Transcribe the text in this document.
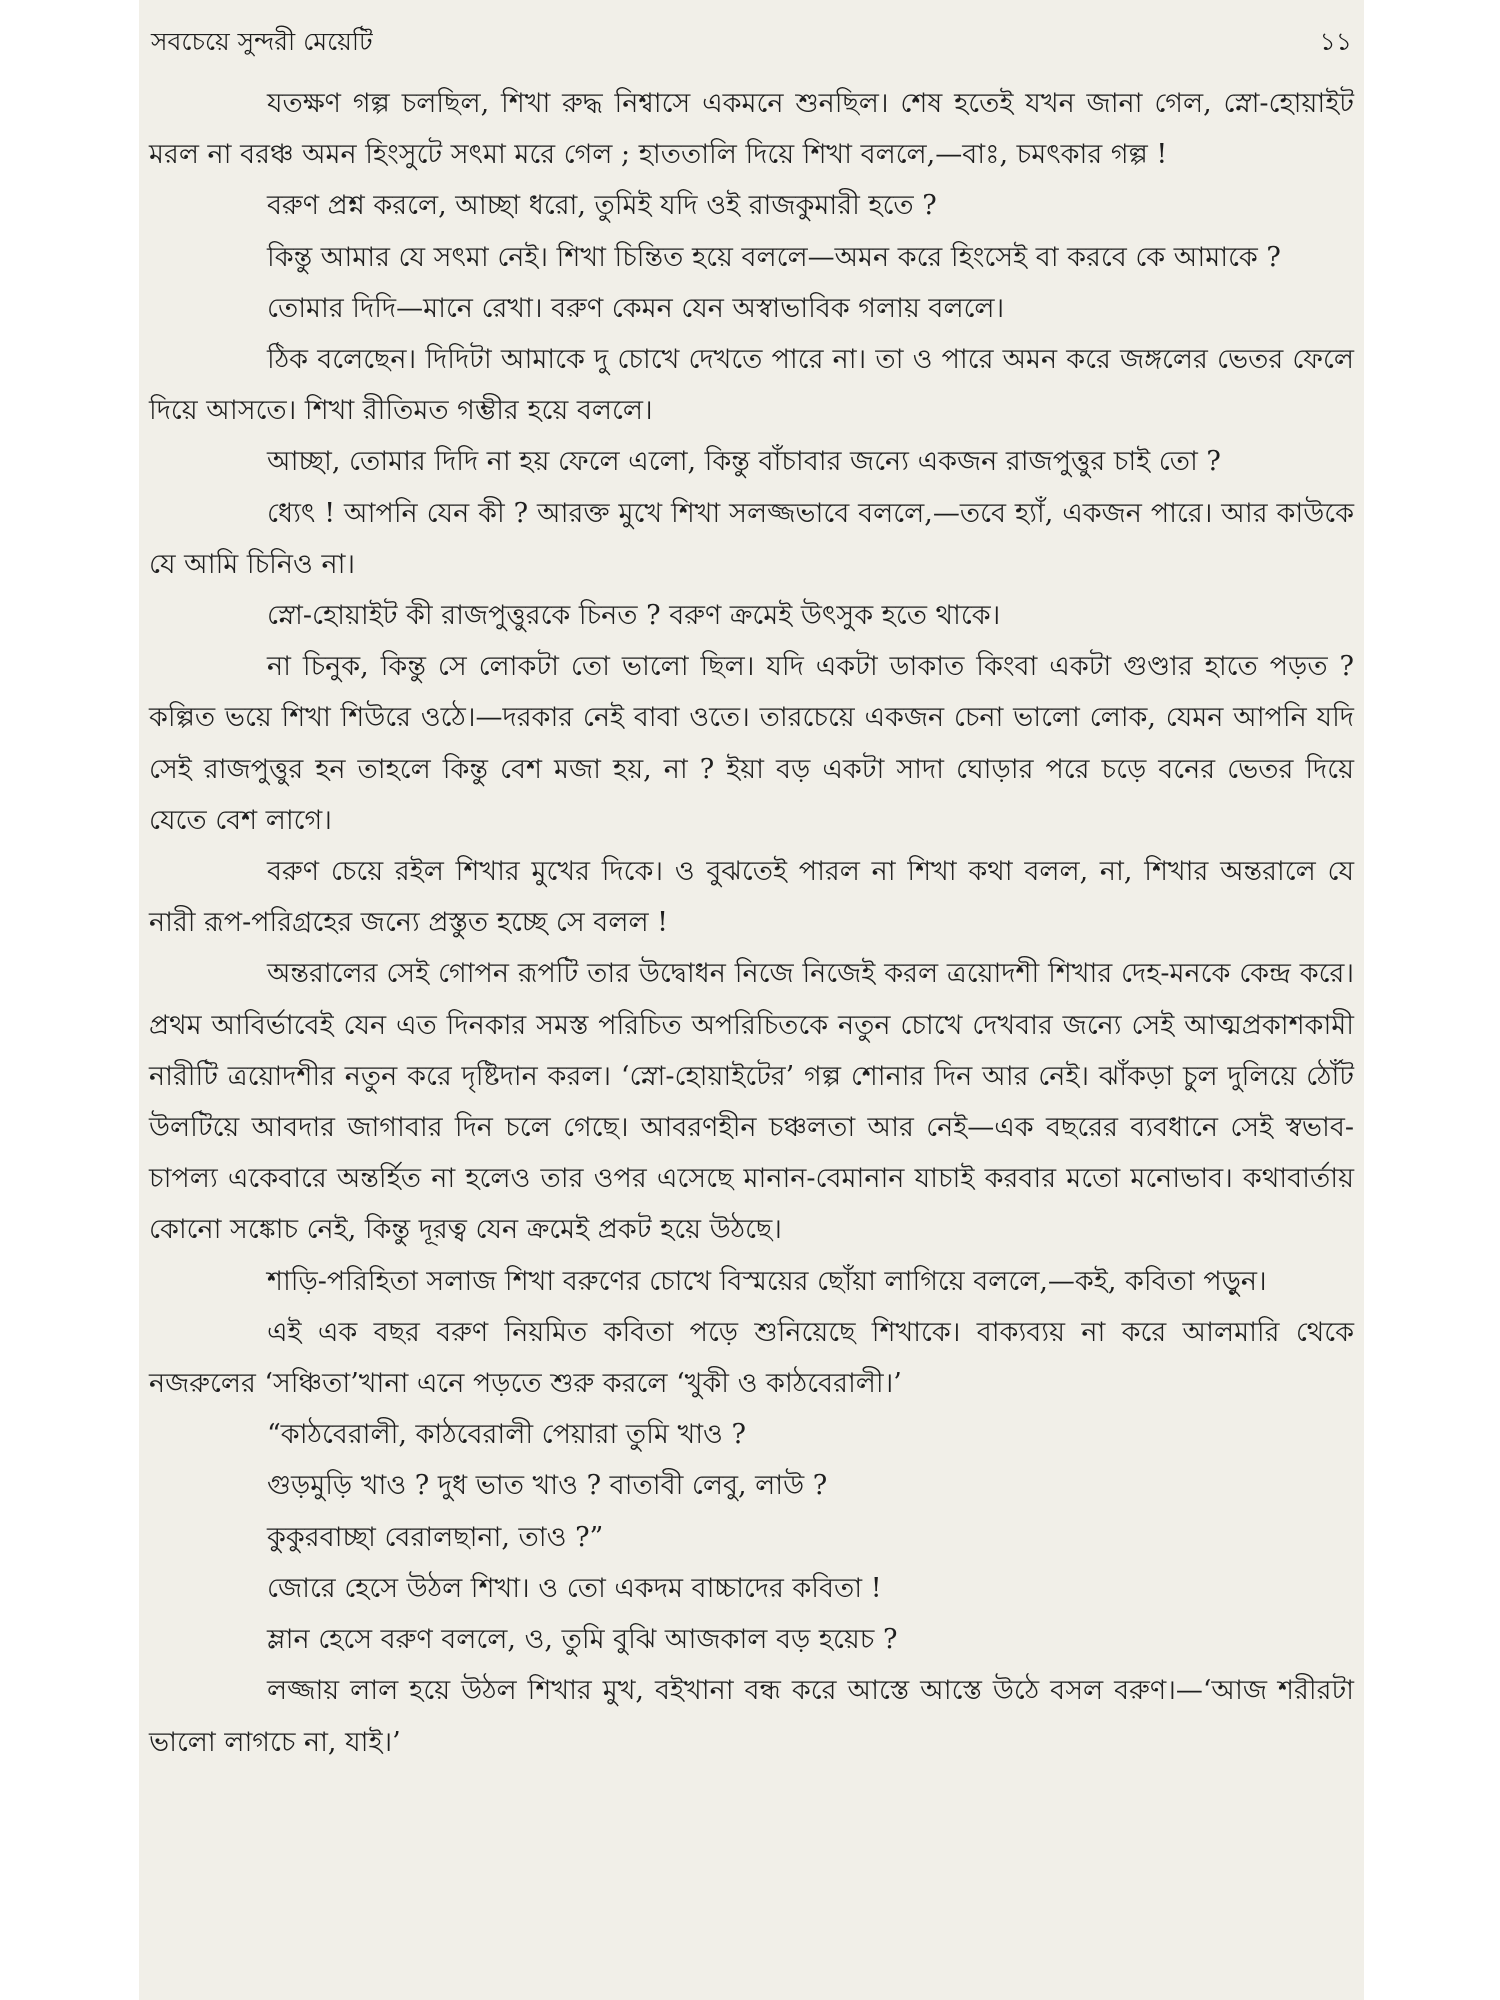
সবচেয়ে সুন্দরী মেয়েটি	১১

যতক্ষণ গল্প চলছিল, শিখা রুদ্ধ নিশ্বাসে একমনে শুনছিল। শেষ হতেই যখন জানা গেল, স্নো-হোয়াইট মরল না বরঞ্চ অমন হিংসুটে সৎমা মরে গেল ; হাততালি দিয়ে শিখা বললে,—বাঃ, চমৎকার গল্প !

বরুণ প্রশ্ন করলে, আচ্ছা ধরো, তুমিই যদি ওই রাজকুমারী হতে ?

কিন্তু আমার যে সৎমা নেই। শিখা চিন্তিত হয়ে বললে—অমন করে হিংসেই বা করবে কে আমাকে ?

তোমার দিদি—মানে রেখা। বরুণ কেমন যেন অস্বাভাবিক গলায় বললে।

ঠিক বলেছেন। দিদিটা আমাকে দু চোখে দেখতে পারে না। তা ও পারে অমন করে জঙ্গলের ভেতর ফেলে দিয়ে আসতে। শিখা রীতিমত গম্ভীর হয়ে বললে।

আচ্ছা, তোমার দিদি না হয় ফেলে এলো, কিন্তু বাঁচাবার জন্যে একজন রাজপুত্তুর চাই তো ?

ধ্যেৎ ! আপনি যেন কী ? আরক্ত মুখে শিখা সলজ্জভাবে বললে,—তবে হ্যাঁ, একজন পারে। আর কাউকে যে আমি চিনিও না।

স্নো-হোয়াইট কী রাজপুত্তুরকে চিনত ? বরুণ ক্রমেই উৎসুক হতে থাকে।

না চিনুক, কিন্তু সে লোকটা তো ভালো ছিল। যদি একটা ডাকাত কিংবা একটা গুণ্ডার হাতে পড়ত ? কল্পিত ভয়ে শিখা শিউরে ওঠে।—দরকার নেই বাবা ওতে। তারচেয়ে একজন চেনা ভালো লোক, যেমন আপনি যদি সেই রাজপুত্তুর হন তাহলে কিন্তু বেশ মজা হয়, না ? ইয়া বড় একটা সাদা ঘোড়ার পরে চড়ে বনের ভেতর দিয়ে যেতে বেশ লাগে।

বরুণ চেয়ে রইল শিখার মুখের দিকে। ও বুঝতেই পারল না শিখা কথা বলল, না, শিখার অন্তরালে যে নারী রূপ-পরিগ্রহের জন্যে প্রস্তুত হচ্ছে সে বলল !

অন্তরালের সেই গোপন রূপটি তার উদ্বোধন নিজে নিজেই করল ত্রয়োদশী শিখার দেহ-মনকে কেন্দ্র করে। প্রথম আবির্ভাবেই যেন এত দিনকার সমস্ত পরিচিত অপরিচিতকে নতুন চোখে দেখবার জন্যে সেই আত্মপ্রকাশকামী নারীটি ত্রয়োদশীর নতুন করে দৃষ্টিদান করল। ‘স্নো-হোয়াইটের’ গল্প শোনার দিন আর নেই। ঝাঁকড়া চুল দুলিয়ে ঠোঁট উলটিয়ে আবদার জাগাবার দিন চলে গেছে। আবরণহীন চঞ্চলতা আর নেই—এক বছরের ব্যবধানে সেই স্বভাব-চাপল্য একেবারে অন্তর্হিত না হলেও তার ওপর এসেছে মানান-বেমানান যাচাই করবার মতো মনোভাব। কথাবার্তায় কোনো সঙ্কোচ নেই, কিন্তু দূরত্ব যেন ক্রমেই প্রকট হয়ে উঠছে।

শাড়ি-পরিহিতা সলাজ শিখা বরুণের চোখে বিস্ময়ের ছোঁয়া লাগিয়ে বললে,—কই, কবিতা পড়ুন।

এই এক বছর বরুণ নিয়মিত কবিতা পড়ে শুনিয়েছে শিখাকে। বাক্যব্যয় না করে আলমারি থেকে নজরুলের ‘সঞ্চিতা’খানা এনে পড়তে শুরু করলে ‘খুকী ও কাঠবেরালী।’

“কাঠবেরালী, কাঠবেরালী পেয়ারা তুমি খাও ?

গুড়মুড়ি খাও ? দুধ ভাত খাও ? বাতাবী লেবু, লাউ ?

কুকুরবাচ্ছা বেরালছানা, তাও ?”

জোরে হেসে উঠল শিখা। ও তো একদম বাচ্চাদের কবিতা !

ম্লান হেসে বরুণ বললে, ও, তুমি বুঝি আজকাল বড় হয়েচ ?

লজ্জায় লাল হয়ে উঠল শিখার মুখ, বইখানা বন্ধ করে আস্তে আস্তে উঠে বসল বরুণ।—‘আজ শরীরটা ভালো লাগচে না, যাই।’
